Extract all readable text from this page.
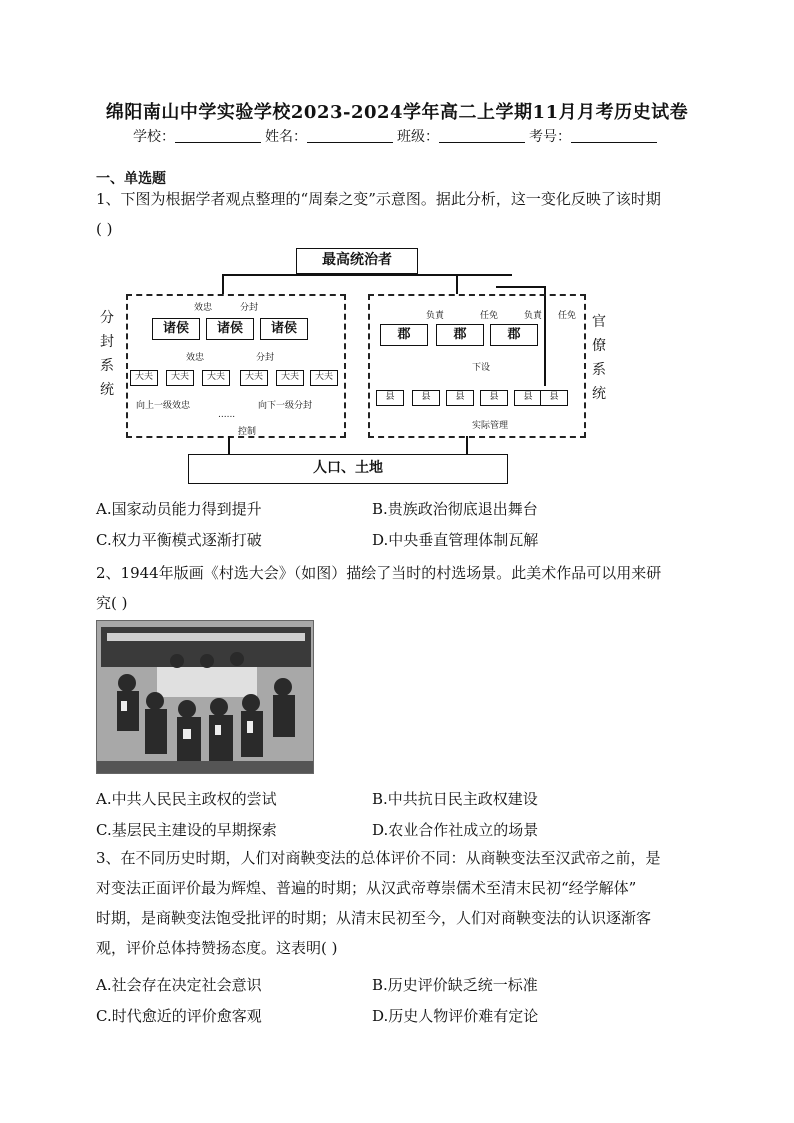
绵阳南山中学实验学校2023-2024学年高二上学期11月月考历史试卷
学校：	姓名：	班级：	考号：
一、单选题
1、下图为根据学者观点整理的“周秦之变”示意图。据此分析，这一变化反映了该时期
( )
最高统治者
分
封
系
统
官
僚
系
统
效忠	分封
诸侯	诸侯	诸侯
效忠	分封
大夫	大夫	大夫	大夫	大夫	大夫
向上一级效忠
......
向下一级分封
控制
负責	任免	负責 任免
郡	郡	郡
下设
县	县	县	县	县	县
实际管理
人口、土地
A.国家动员能力得到提升	B.贵族政治彻底退出舞台
C.权力平衡模式逐渐打破	D.中央垂直管理体制瓦解
2、1944年版画《村选大会》（如图）描绘了当时的村选场景。此美术作品可以用来研
究( )
A.中共人民民主政权的尝试	B.中共抗日民主政权建设
C.基层民主建设的早期探索	D.农业合作社成立的场景
3、在不同历史时期，人们对商鞅变法的总体评价不同：从商鞅变法至汉武帝之前，是
对变法正面评价最为辉煌、普遍的时期；从汉武帝尊崇儒术至清末民初“经学解体”
时期，是商鞅变法饱受批评的时期；从清末民初至今，人们对商鞅变法的认识逐渐客
观，评价总体持赞扬态度。这表明( )
A.社会存在决定社会意识	B.历史评价缺乏统一标准
C.时代愈近的评价愈客观	D.历史人物评价难有定论
